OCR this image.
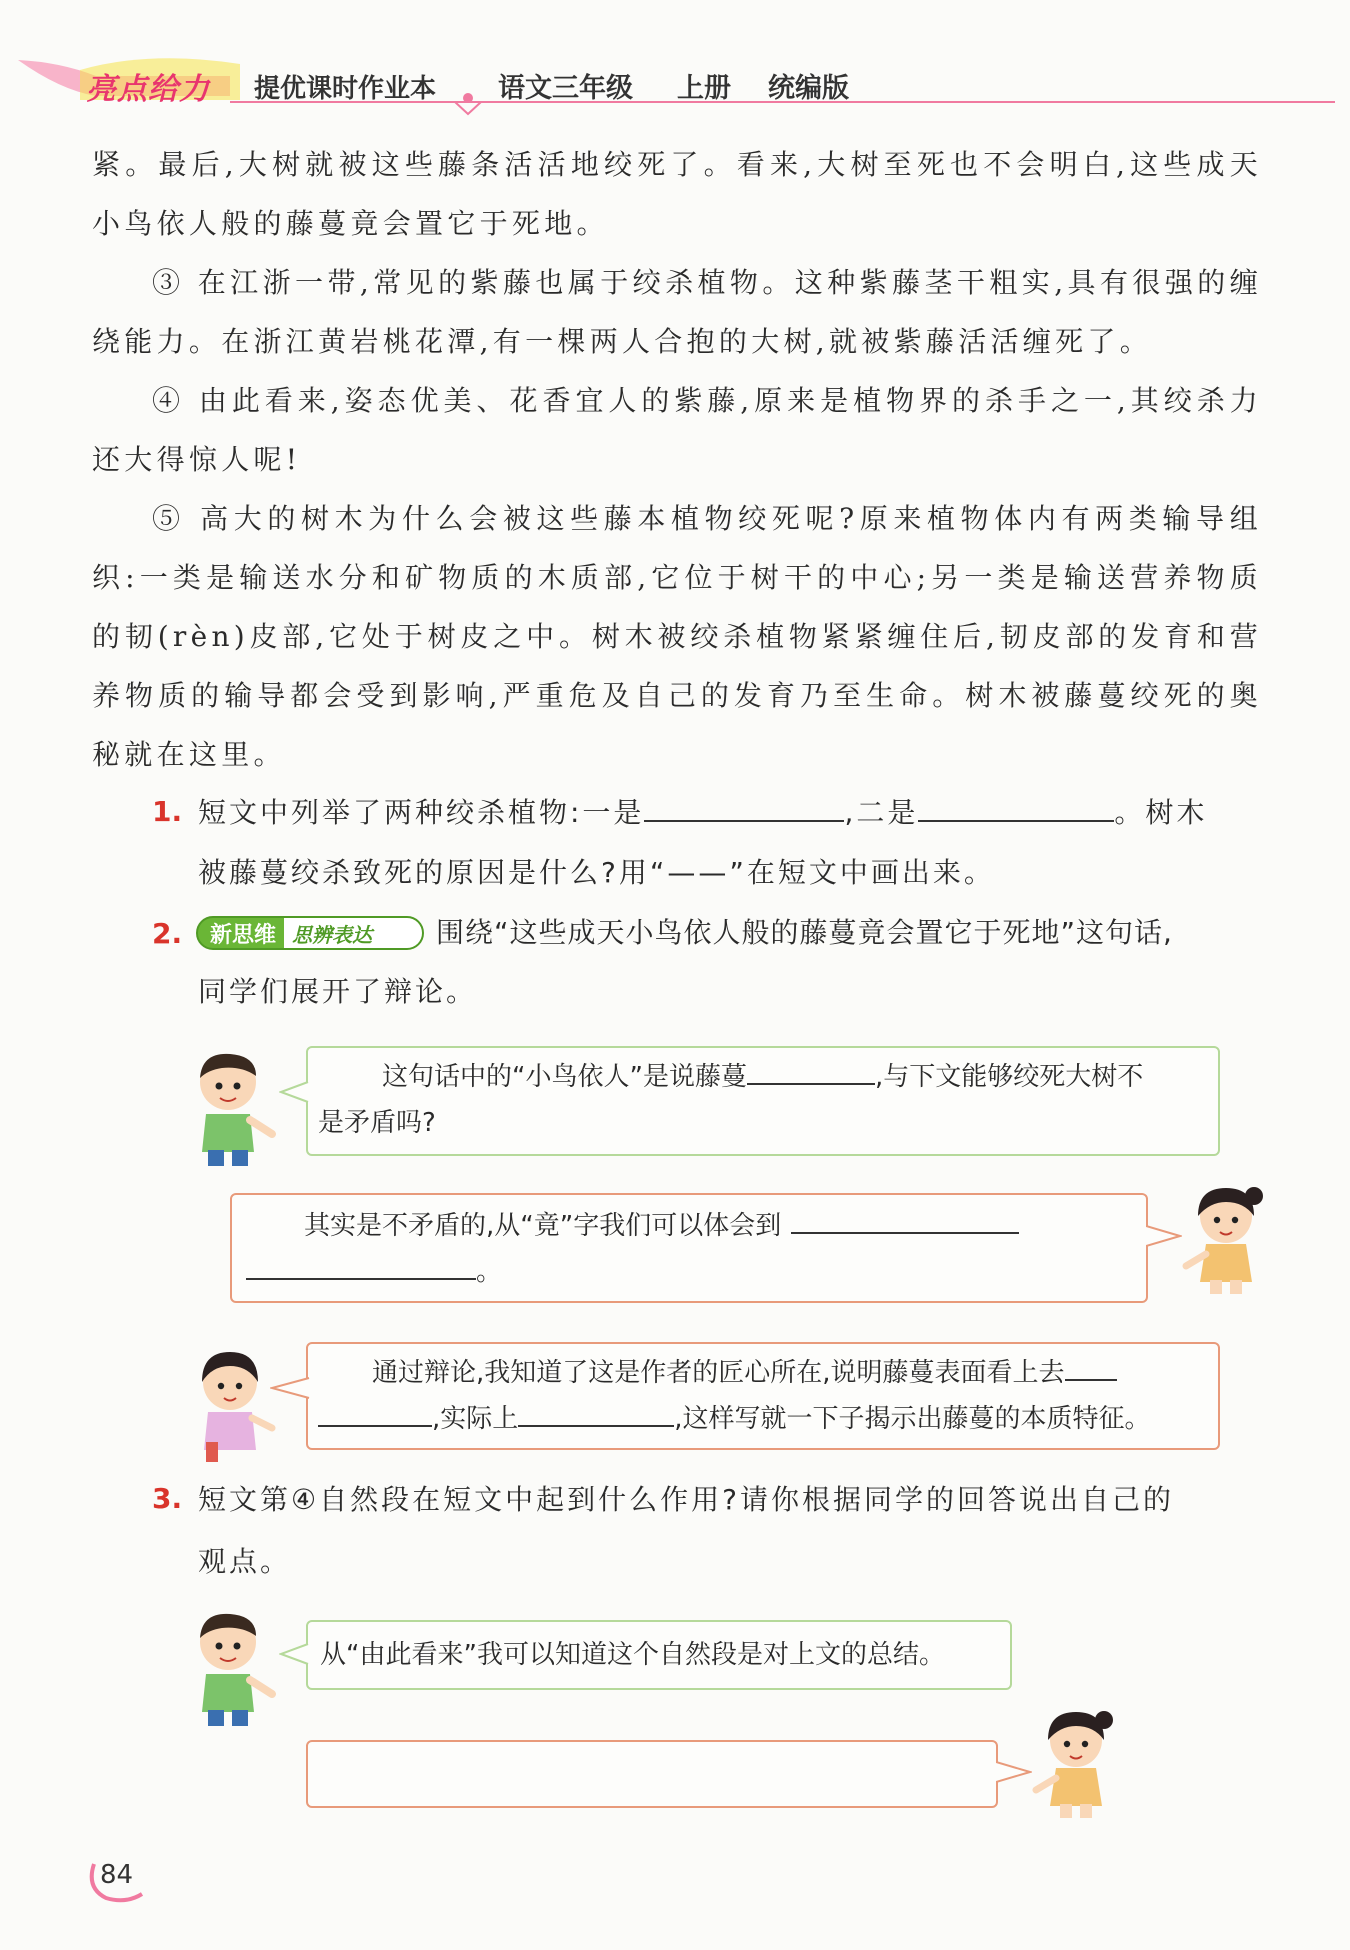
亮点给力 提优课时作业本 语文三年级 上册 统编版

紧。最后,大树就被这些藤条活活地绞死了。看来,大树至死也不会明白,这些成天小鸟依人般的藤蔓竟会置它于死地。

③ 在江浙一带,常见的紫藤也属于绞杀植物。这种紫藤茎干粗实,具有很强的缠绕能力。在浙江黄岩桃花潭,有一棵两人合抱的大树,就被紫藤活活缠死了。

④ 由此看来,姿态优美、花香宜人的紫藤,原来是植物界的杀手之一,其绞杀力还大得惊人呢!

⑤ 高大的树木为什么会被这些藤本植物绞死呢?原来植物体内有两类输导组织:一类是输送水分和矿物质的木质部,它位于树干的中心;另一类是输送营养物质的韧(rèn)皮部,它处于树皮之中。树木被绞杀植物紧紧缠住后,韧皮部的发育和营养物质的输导都会受到影响,严重危及自己的发育乃至生命。树木被藤蔓绞死的奥秘就在这里。

1. 短文中列举了两种绞杀植物:一是	,二是	。树木
被藤蔓绞杀致死的原因是什么?用“——”在短文中画出来。
2.	新思维 思辨表达	围绕“这些成天小鸟依人般的藤蔓竟会置它于死地”这句话,
同学们展开了辩论。

这句话中的“小鸟依人”是说藤蔓	,与下文能够绞死大树不

是矛盾吗?

其实是不矛盾的,从“竟”字我们可以体会到

。

通过辩论,我知道了这是作者的匠心所在,说明藤蔓表面看上去

,实际上	,这样写就一下子揭示出藤蔓的本质特征。

3. 短文第④自然段在短文中起到什么作用?请你根据同学的回答说出自己的
观点。

从“由此看来”我可以知道这个自然段是对上文的总结。

84
